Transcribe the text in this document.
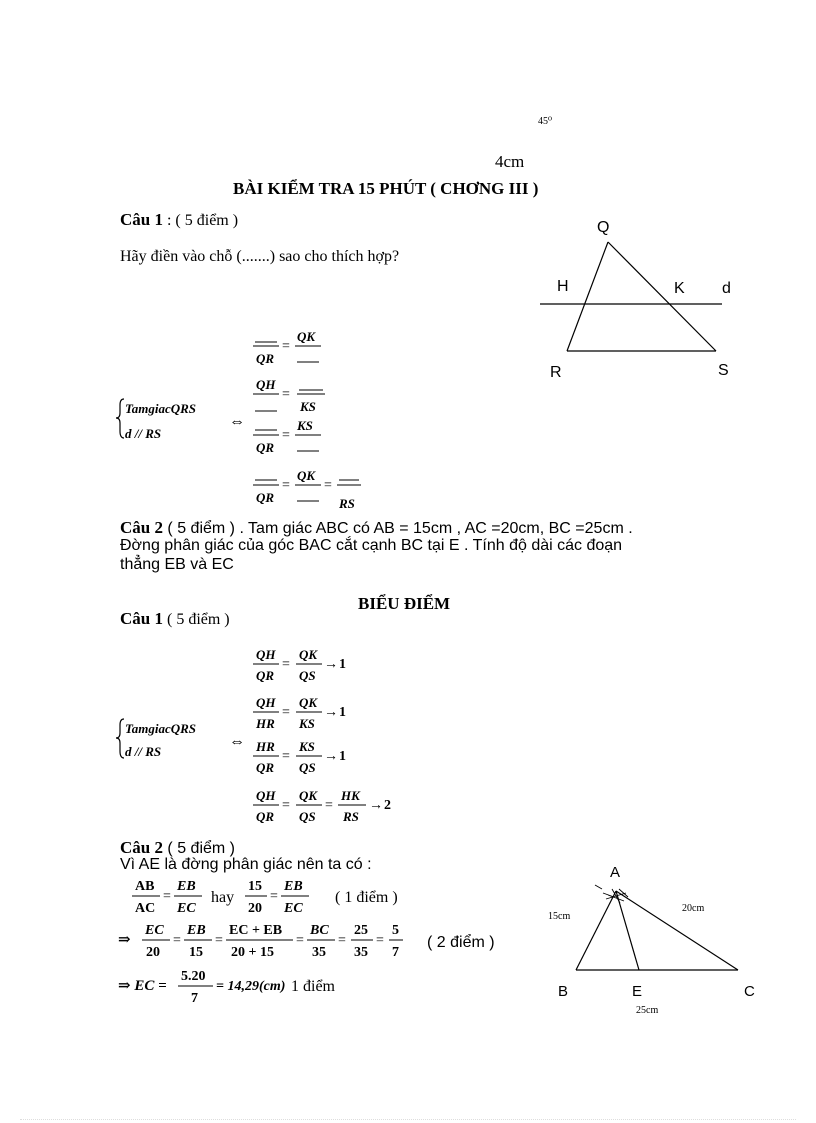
45⁰
4cm
BÀI KIỂM TRA 15 PHÚT ( CHƠNG III )
Câu 1 : ( 5 điểm )
Hãy điền vào chỗ (.......) sao cho thích hợp?
Q
H	K d
R	S
TamgiacQRS
d // RS
⇔
QR
=
QK
QH
=
KS
QR
=
KS
QR
=
QK
=
RS
Câu 2 ( 5 điểm ) . Tam giác ABC có AB = 15cm , AC =20cm, BC =25cm .
Đờng phân giác của góc BAC cắt cạnh BC tại E . Tính độ dài các đoạn
thẳng EB và EC
BIỂU ĐIỂM
Câu 1 ( 5 điểm )
TamgiacQRS
d // RS
⇔
QH
QR
=
QK
QS
→ 1
QH
HR
=
QK
KS
→ 1
HR
QR
=
KS
QS
→ 1
QH
QR
=
QK
QS
=
HK
RS
→ 2
Câu 2 ( 5 điểm )
Vì AE là đờng phân giác nên ta có :
AB
AC
=
EB
EC
hay
15
20
=
EB
EC
( 1 điểm )
⇒
EC
20
=
EB
15
=
EC + EB
20 + 15
=
BC
35
=
25
35
=
5
7
( 2 điểm )
⇒ EC =
5.20
7
= 14,29(cm) 1 điểm
A
B	E	C
15cm
20cm
25cm
